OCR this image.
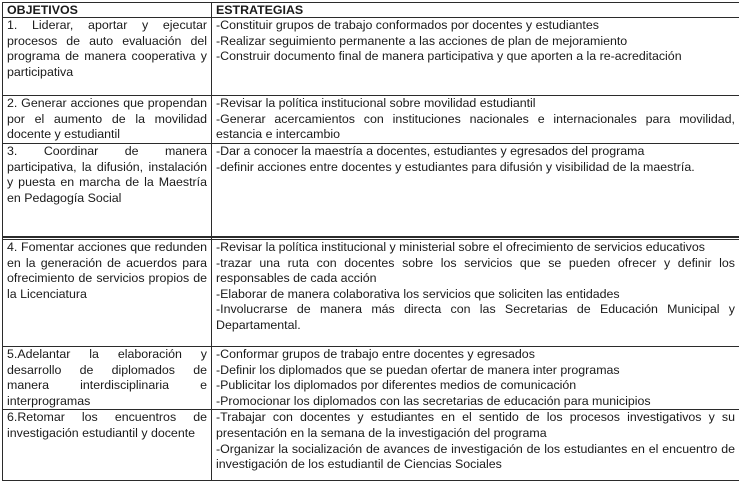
OBJETIVOS	ESTRATEGIAS
1. Liderar, aportar y ejecutar procesos de auto evaluación del programa de manera cooperativa y participativa	-Constituir grupos de trabajo conformados por docentes y estudiantes
-Realizar seguimiento permanente a las acciones de plan de mejoramiento
-Construir documento final de manera participativa y que aporten a la re-acreditación

2. Generar acciones que propendan por el aumento de la movilidad docente y estudiantil	-Revisar la política institucional sobre movilidad estudiantil
-Generar acercamientos con instituciones nacionales e internacionales para movilidad, estancia e intercambio

3. Coordinar de manera participativa, la difusión, instalación y puesta en marcha de la Maestría en Pedagogía Social	-Dar a conocer la maestría a docentes, estudiantes y egresados del programa
-definir acciones entre docentes y estudiantes para difusión y visibilidad de la maestría.

4. Fomentar acciones que redunden en la generación de acuerdos para ofrecimiento de servicios propios de la Licenciatura	-Revisar la política institucional y ministerial sobre el ofrecimiento de servicios educativos
-trazar una ruta con docentes sobre los servicios que se pueden ofrecer y definir los responsables de cada acción
-Elaborar de manera colaborativa los servicios que soliciten las entidades
-Involucrarse de manera más directa con las Secretarias de Educación Municipal y Departamental.

5.Adelantar la elaboración y desarrollo de diplomados de manera interdisciplinaria e interprogramas	-Conformar grupos de trabajo entre docentes y egresados
-Definir los diplomados que se puedan ofertar de manera inter programas
-Publicitar los diplomados por diferentes medios de comunicación
-Promocionar los diplomados con las secretarias de educación para municipios

6.Retomar los encuentros de investigación estudiantil y docente	-Trabajar con docentes y estudiantes en el sentido de los procesos investigativos y su presentación en la semana de la investigación del programa
-Organizar la socialización de avances de investigación de los estudiantes en el encuentro de investigación de los estudiantil de Ciencias Sociales
